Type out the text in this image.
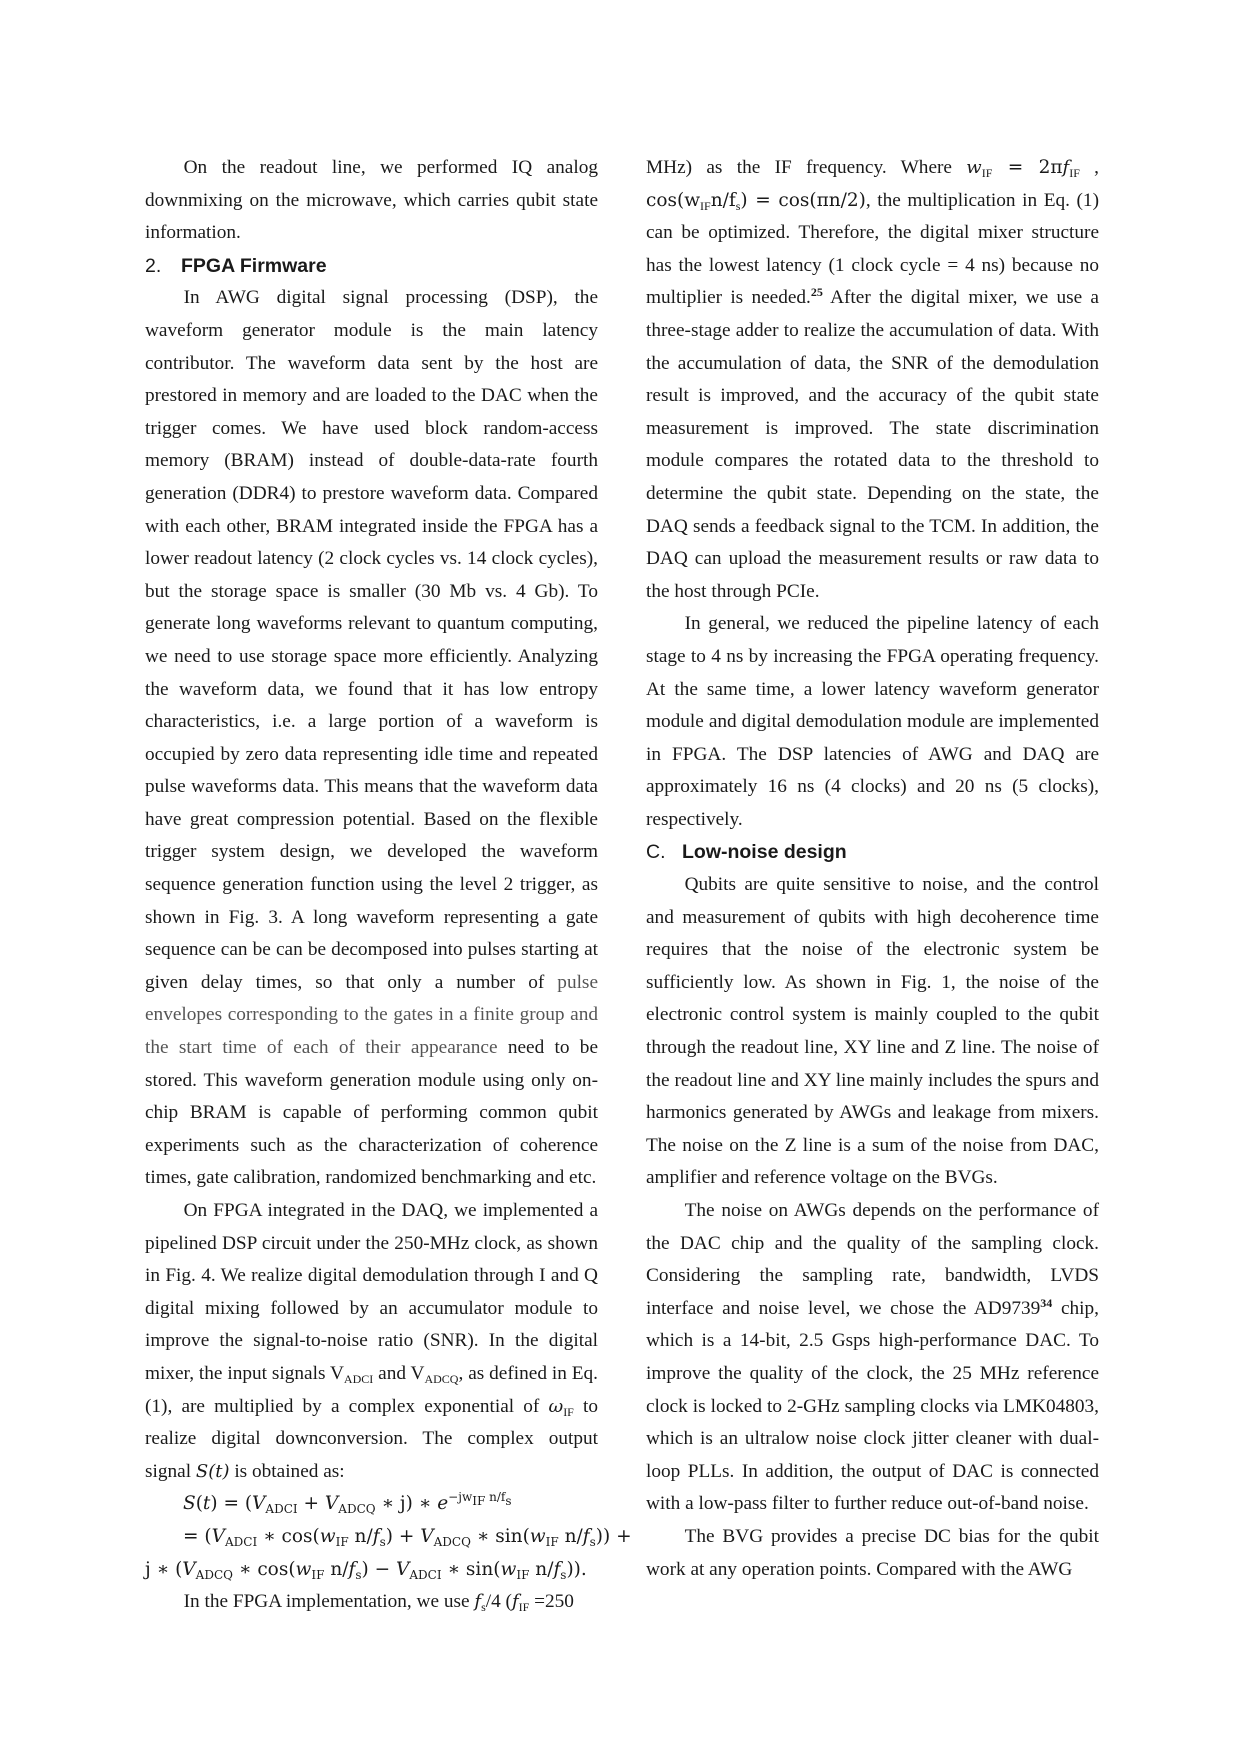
On the readout line, we performed IQ analog downmixing on the microwave, which carries qubit state information.

2. FPGA Firmware

In AWG digital signal processing (DSP), the waveform generator module is the main latency contributor. The waveform data sent by the host are prestored in memory and are loaded to the DAC when the trigger comes. We have used block random-access memory (BRAM) instead of double-data-rate fourth generation (DDR4) to prestore waveform data. Compared with each other, BRAM integrated inside the FPGA has a lower readout latency (2 clock cycles vs. 14 clock cycles), but the storage space is smaller (30 Mb vs. 4 Gb). To generate long waveforms relevant to quantum computing, we need to use storage space more efficiently. Analyzing the waveform data, we found that it has low entropy characteristics, i.e. a large portion of a waveform is occupied by zero data representing idle time and repeated pulse waveforms data. This means that the waveform data have great compression potential. Based on the flexible trigger system design, we developed the waveform sequence generation function using the level 2 trigger, as shown in Fig. 3. A long waveform representing a gate sequence can be can be decomposed into pulses starting at given delay times, so that only a number of pulse envelopes corresponding to the gates in a finite group and the start time of each of their appearance need to be stored. This waveform generation module using only on-chip BRAM is capable of performing common qubit experiments such as the characterization of coherence times, gate calibration, randomized benchmarking and etc.

On FPGA integrated in the DAQ, we implemented a pipelined DSP circuit under the 250-MHz clock, as shown in Fig. 4. We realize digital demodulation through I and Q digital mixing followed by an accumulator module to improve the signal-to-noise ratio (SNR). In the digital mixer, the input signals $V_{ADCI}$ and $V_{ADCQ}$, as defined in Eq. (1), are multiplied by a complex exponential of $\omega_{IF}$ to realize digital downconversion. The complex output signal S(t) is obtained as:

$S(t) = (V_{ADCI} + V_{ADCQ}$ ∗ j) ∗ $e^{-jw_{IF} n/f_s}$
= ($V_{ADCI}$ ∗ $\cos(w_{IF}$ $n/f_s) + V_{ADCQ}$ ∗ $\sin(w_{IF}$ $n/f_s$)) +
j ∗ ($V_{ADCQ}$ ∗ $\cos(w_{IF}$ $n/f_s) - V_{ADCI}$ ∗ $\sin(w_{IF}$ $n/f_s$)).

In the FPGA implementation, we use $f_s/4$ ($f_{IF} =250$

MHz) as the IF frequency. Where $w_{IF} = 2\pi f_{IF}$ , $\cos(w_{IF}n/f_s) = \cos(\pi n/2)$, the multiplication in Eq. (1) can be optimized. Therefore, the digital mixer structure has the lowest latency (1 clock cycle = 4 ns) because no multiplier is needed.$^{25}$ After the digital mixer, we use a three-stage adder to realize the accumulation of data. With the accumulation of data, the SNR of the demodulation result is improved, and the accuracy of the qubit state measurement is improved. The state discrimination module compares the rotated data to the threshold to determine the qubit state. Depending on the state, the DAQ sends a feedback signal to the TCM. In addition, the DAQ can upload the measurement results or raw data to the host through PCIe.

In general, we reduced the pipeline latency of each stage to 4 ns by increasing the FPGA operating frequency. At the same time, a lower latency waveform generator module and digital demodulation module are implemented in FPGA. The DSP latencies of AWG and DAQ are approximately 16 ns (4 clocks) and 20 ns (5 clocks), respectively.

C. Low-noise design

Qubits are quite sensitive to noise, and the control and measurement of qubits with high decoherence time requires that the noise of the electronic system be sufficiently low. As shown in Fig. 1, the noise of the electronic control system is mainly coupled to the qubit through the readout line, XY line and Z line. The noise of the readout line and XY line mainly includes the spurs and harmonics generated by AWGs and leakage from mixers. The noise on the Z line is a sum of the noise from DAC, amplifier and reference voltage on the BVGs.

The noise on AWGs depends on the performance of the DAC chip and the quality of the sampling clock. Considering the sampling rate, bandwidth, LVDS interface and noise level, we chose the AD9739$^{34}$ chip, which is a 14-bit, 2.5 Gsps high-performance DAC. To improve the quality of the clock, the 25 MHz reference clock is locked to 2-GHz sampling clocks via LMK04803, which is an ultralow noise clock jitter cleaner with dual-loop PLLs. In addition, the output of DAC is connected with a low-pass filter to further reduce out-of-band noise.

The BVG provides a precise DC bias for the qubit work at any operation points. Compared with the AWG
